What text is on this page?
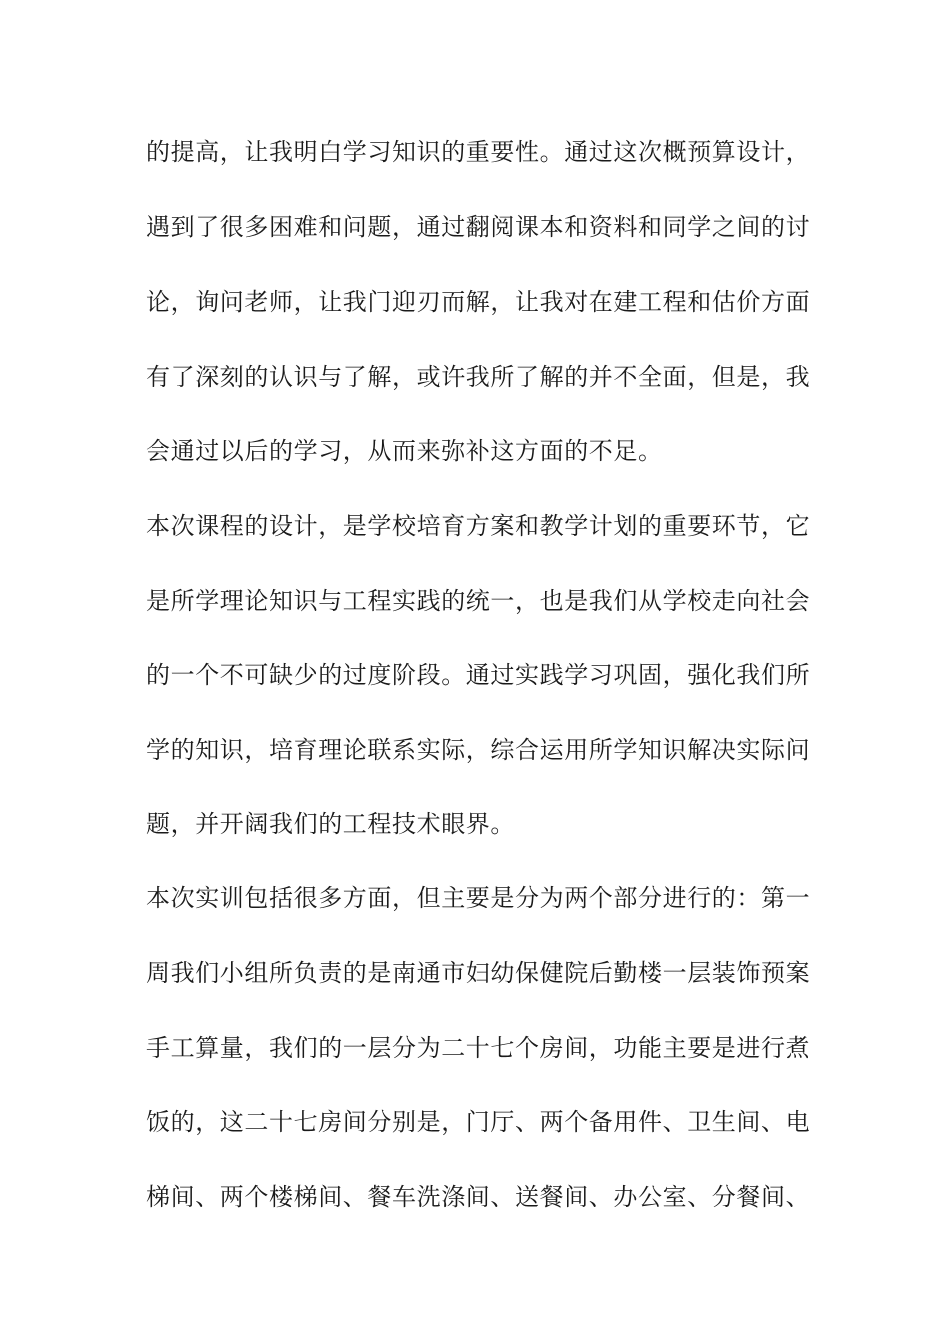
的提高，让我明白学习知识的重要性。通过这次概预算设计，
遇到了很多困难和问题，通过翻阅课本和资料和同学之间的讨
论，询问老师，让我门迎刃而解，让我对在建工程和估价方面
有了深刻的认识与了解，或许我所了解的并不全面，但是，我
会通过以后的学习，从而来弥补这方面的不足。
本次课程的设计，是学校培育方案和教学计划的重要环节，它
是所学理论知识与工程实践的统一，也是我们从学校走向社会
的一个不可缺少的过度阶段。通过实践学习巩固，强化我们所
学的知识，培育理论联系实际，综合运用所学知识解决实际问
题，并开阔我们的工程技术眼界。
本次实训包括很多方面，但主要是分为两个部分进行的：第一
周我们小组所负责的是南通市妇幼保健院后勤楼一层装饰预案
手工算量，我们的一层分为二十七个房间，功能主要是进行煮
饭的，这二十七房间分别是，门厅、两个备用件、卫生间、电
梯间、两个楼梯间、餐车洗涤间、送餐间、办公室、分餐间、
